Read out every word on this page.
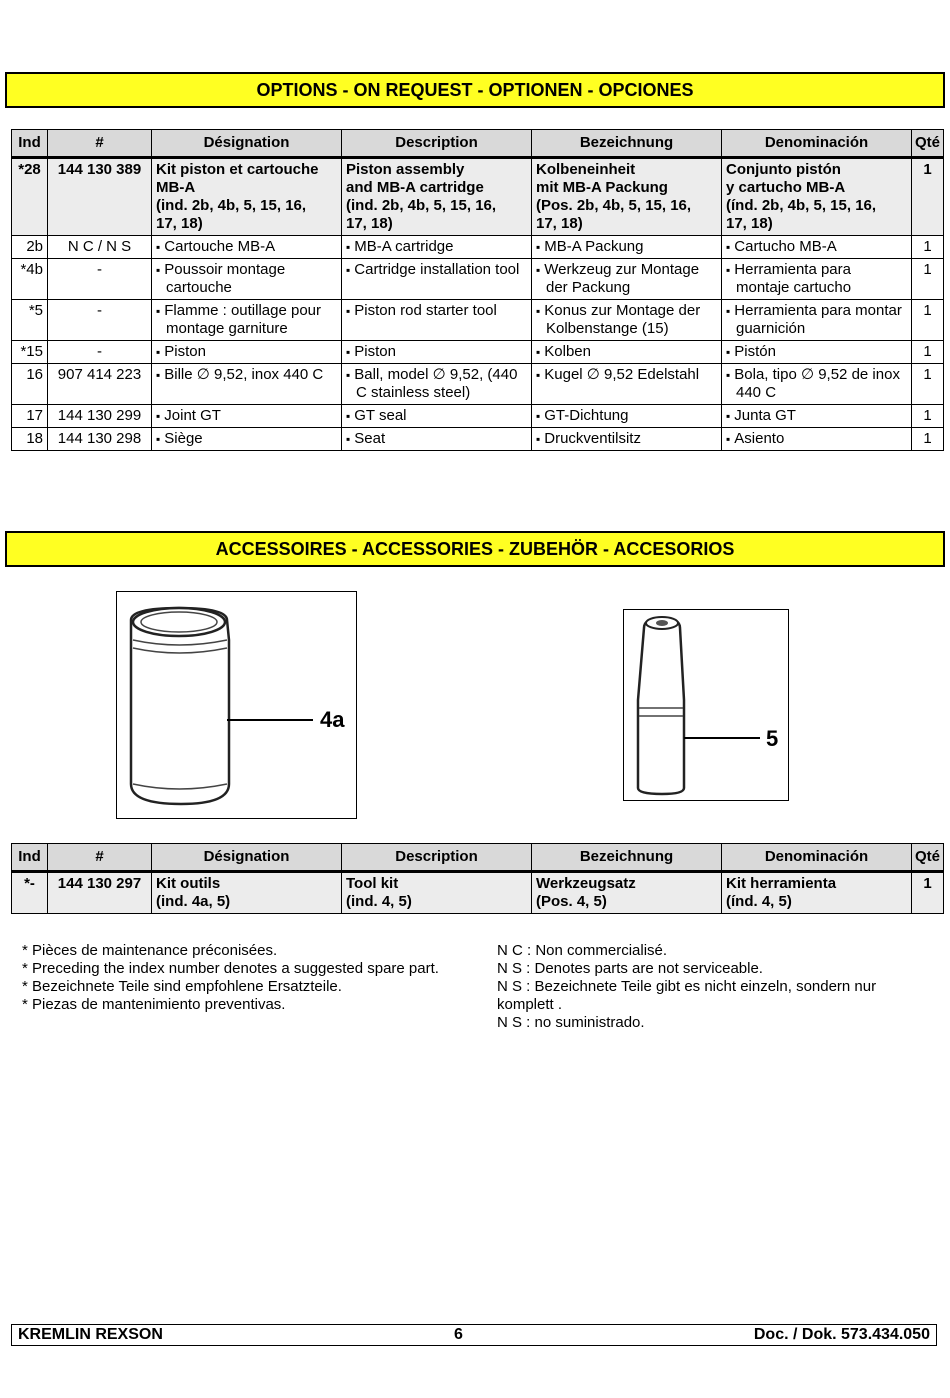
OPTIONS - ON REQUEST - OPTIONEN - OPCIONES
Ind	#	Désignation	Description	Bezeichnung	Denominación	Qté
*28	144 130 389	Kit piston et cartouche
MB-A
(ind. 2b, 4b, 5, 15, 16,
17, 18)	Piston assembly
and MB-A cartridge
(ind. 2b, 4b, 5, 15, 16,
17, 18)	Kolbeneinheit
mit MB-A Packung
(Pos. 2b, 4b, 5, 15, 16,
17, 18)	Conjunto pistón
y cartucho MB-A
(índ. 2b, 4b, 5, 15, 16,
17, 18)	1
2b	N C / N S	▪ Cartouche MB-A	▪ MB-A cartridge	▪ MB-A Packung	▪ Cartucho MB-A	1
*4b	-	▪ Poussoir montage cartouche	▪ Cartridge installation tool	▪ Werkzeug zur Montage der Packung	▪ Herramienta para montaje cartucho	1
*5	-	▪ Flamme : outillage pour montage garniture	▪ Piston rod starter tool	▪ Konus zur Montage der Kolbenstange (15)	▪ Herramienta para montar guarnición	1
*15	-	▪ Piston	▪ Piston	▪ Kolben	▪ Pistón	1
16	907 414 223	▪ Bille ∅ 9,52, inox 440 C	▪ Ball, model ∅ 9,52, (440 C stainless steel)	▪ Kugel ∅ 9,52 Edelstahl	▪ Bola, tipo ∅ 9,52 de inox 440 C	1
17	144 130 299	▪ Joint GT	▪ GT seal	▪ GT-Dichtung	▪ Junta GT	1
18	144 130 298	▪ Siège	▪ Seat	▪ Druckventilsitz	▪ Asiento	1
ACCESSOIRES - ACCESSORIES - ZUBEHÖR - ACCESORIOS
4a
5
Ind	#	Désignation	Description	Bezeichnung	Denominación	Qté
*-	144 130 297	Kit outils
(ind. 4a, 5)	Tool kit
(ind. 4, 5)	Werkzeugsatz
(Pos. 4, 5)	Kit herramienta
(índ. 4, 5)	1
* Pièces de maintenance préconisées.
* Preceding the index number denotes a suggested spare part.
* Bezeichnete Teile sind empfohlene Ersatzteile.
* Piezas de mantenimiento preventivas.
N C : Non commercialisé.
N S : Denotes parts are not serviceable.
N S : Bezeichnete Teile gibt es nicht einzeln, sondern nur komplett .
N S : no suministrado.
KREMLIN REXSON	6	Doc. / Dok. 573.434.050
